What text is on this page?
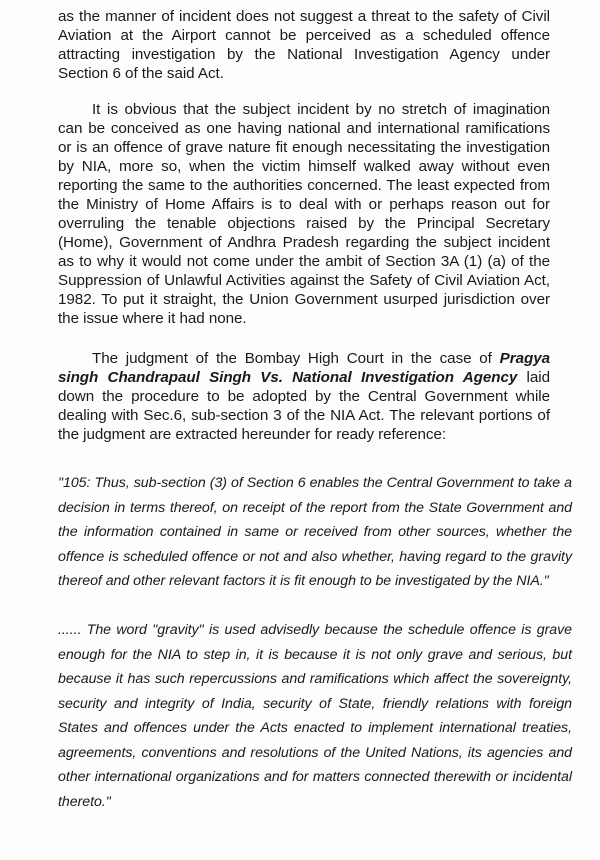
as the manner of incident does not suggest a threat to the safety of Civil Aviation at the Airport cannot be perceived as a scheduled offence attracting investigation by the National Investigation Agency under Section 6 of the said Act.

It is obvious that the subject incident by no stretch of imagination can be conceived as one having national and international ramifications or is an offence of grave nature fit enough necessitating the investigation by NIA, more so, when the victim himself walked away without even reporting the same to the authorities concerned. The least expected from the Ministry of Home Affairs is to deal with or perhaps reason out for overruling the tenable objections raised by the Principal Secretary (Home), Government of Andhra Pradesh regarding the subject incident as to why it would not come under the ambit of Section 3A (1) (a) of the Suppression of Unlawful Activities against the Safety of Civil Aviation Act, 1982. To put it straight, the Union Government usurped jurisdiction over the issue where it had none.

The judgment of the Bombay High Court in the case of Pragya singh Chandrapaul Singh Vs. National Investigation Agency laid down the procedure to be adopted by the Central Government while dealing with Sec.6, sub-section 3 of the NIA Act. The relevant portions of the judgment are extracted hereunder for ready reference:

"105: Thus, sub-section (3) of Section 6 enables the Central Government to take a decision in terms thereof, on receipt of the report from the State Government and the information contained in same or received from other sources, whether the offence is scheduled offence or not and also whether, having regard to the gravity thereof and other relevant factors it is fit enough to be investigated by the NIA."

...... The word "gravity" is used advisedly because the schedule offence is grave enough for the NIA to step in, it is because it is not only grave and serious, but because it has such repercussions and ramifications which affect the sovereignty, security and integrity of India, security of State, friendly relations with foreign States and offences under the Acts enacted to implement international treaties, agreements, conventions and resolutions of the United Nations, its agencies and other international organizations and for matters connected therewith or incidental thereto."
